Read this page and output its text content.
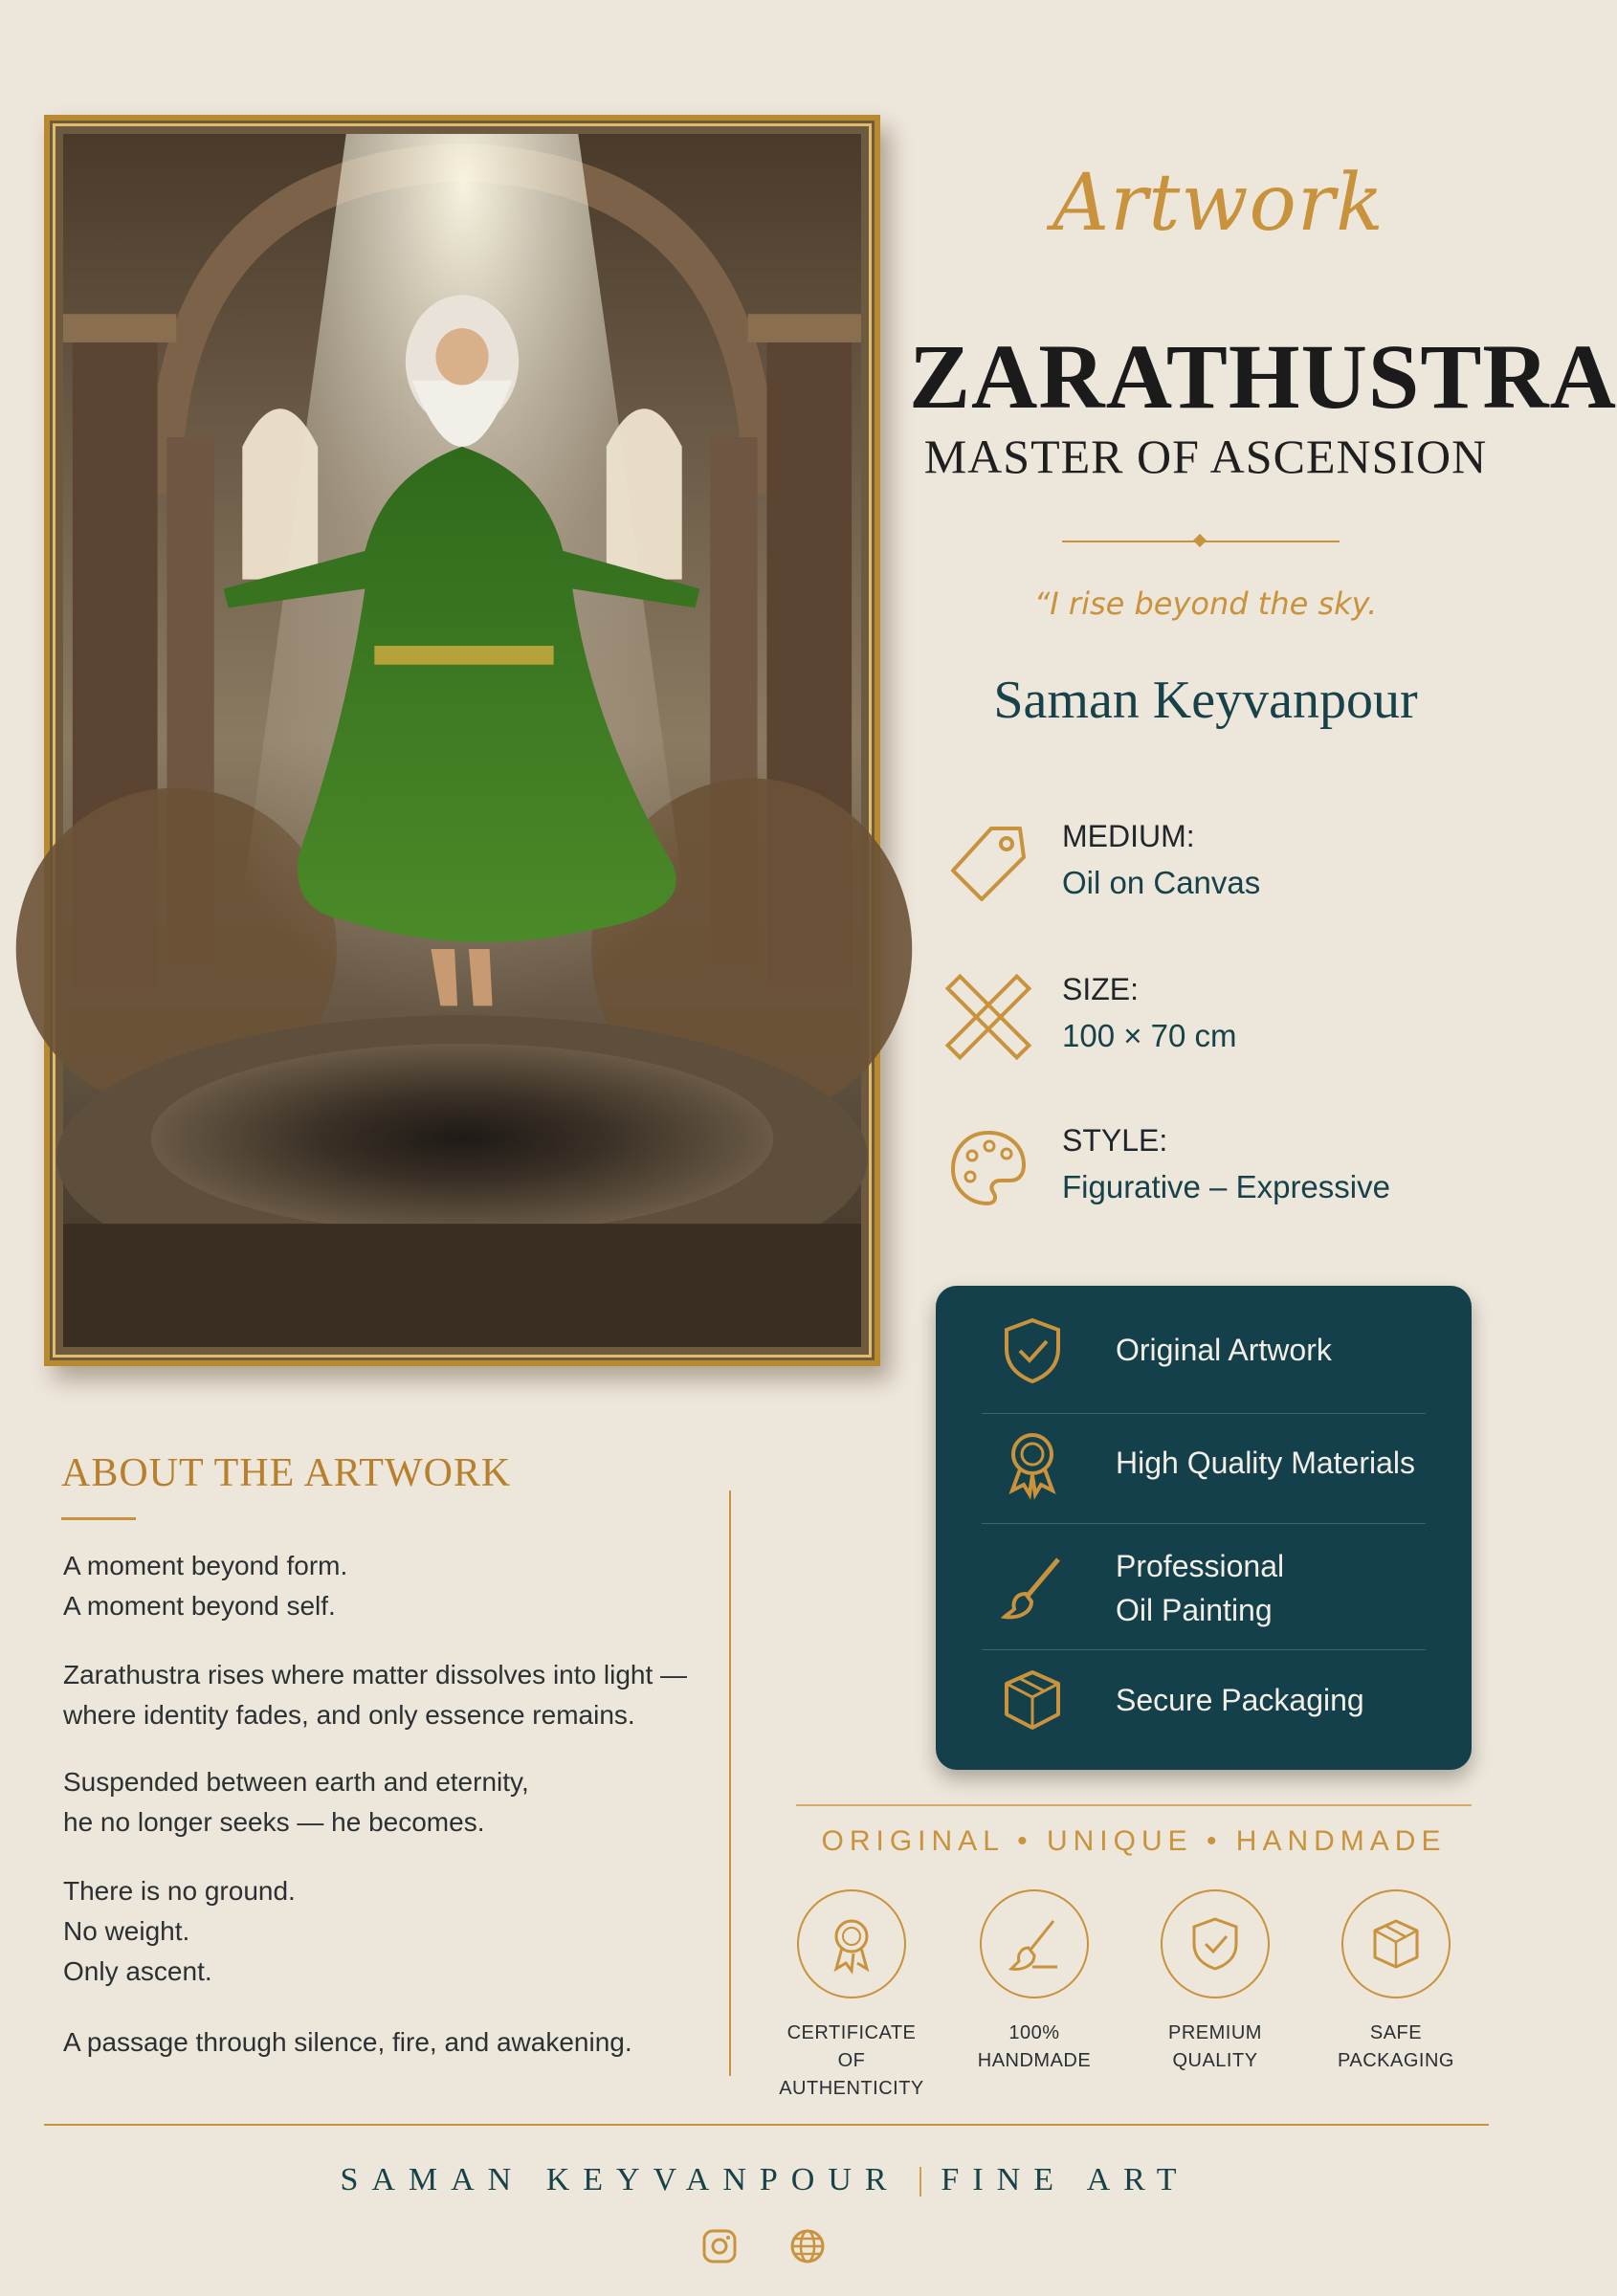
Artwork
ZARATHUSTRA
MASTER OF ASCENSION
“I rise beyond the sky.
Saman Keyvanpour
MEDIUM:
Oil on Canvas
SIZE:
100 × 70 cm
STYLE:
Figurative – Expressive
Original Artwork
High Quality Materials
Professional
Oil Painting
Secure Packaging
ABOUT THE ARTWORK
A moment beyond form.
A moment beyond self.
Zarathustra rises where matter dissolves into light —
where identity fades, and only essence remains.
Suspended between earth and eternity,
he no longer seeks — he becomes.
There is no ground.
No weight.
Only ascent.
A passage through silence, fire, and awakening.
ORIGINAL • UNIQUE • HANDMADE
CERTIFICATE
OF AUTHENTICITY
100%
HANDMADE
PREMIUM
QUALITY
SAFE
PACKAGING
SAMAN KEYVANPOUR | FINE ART
